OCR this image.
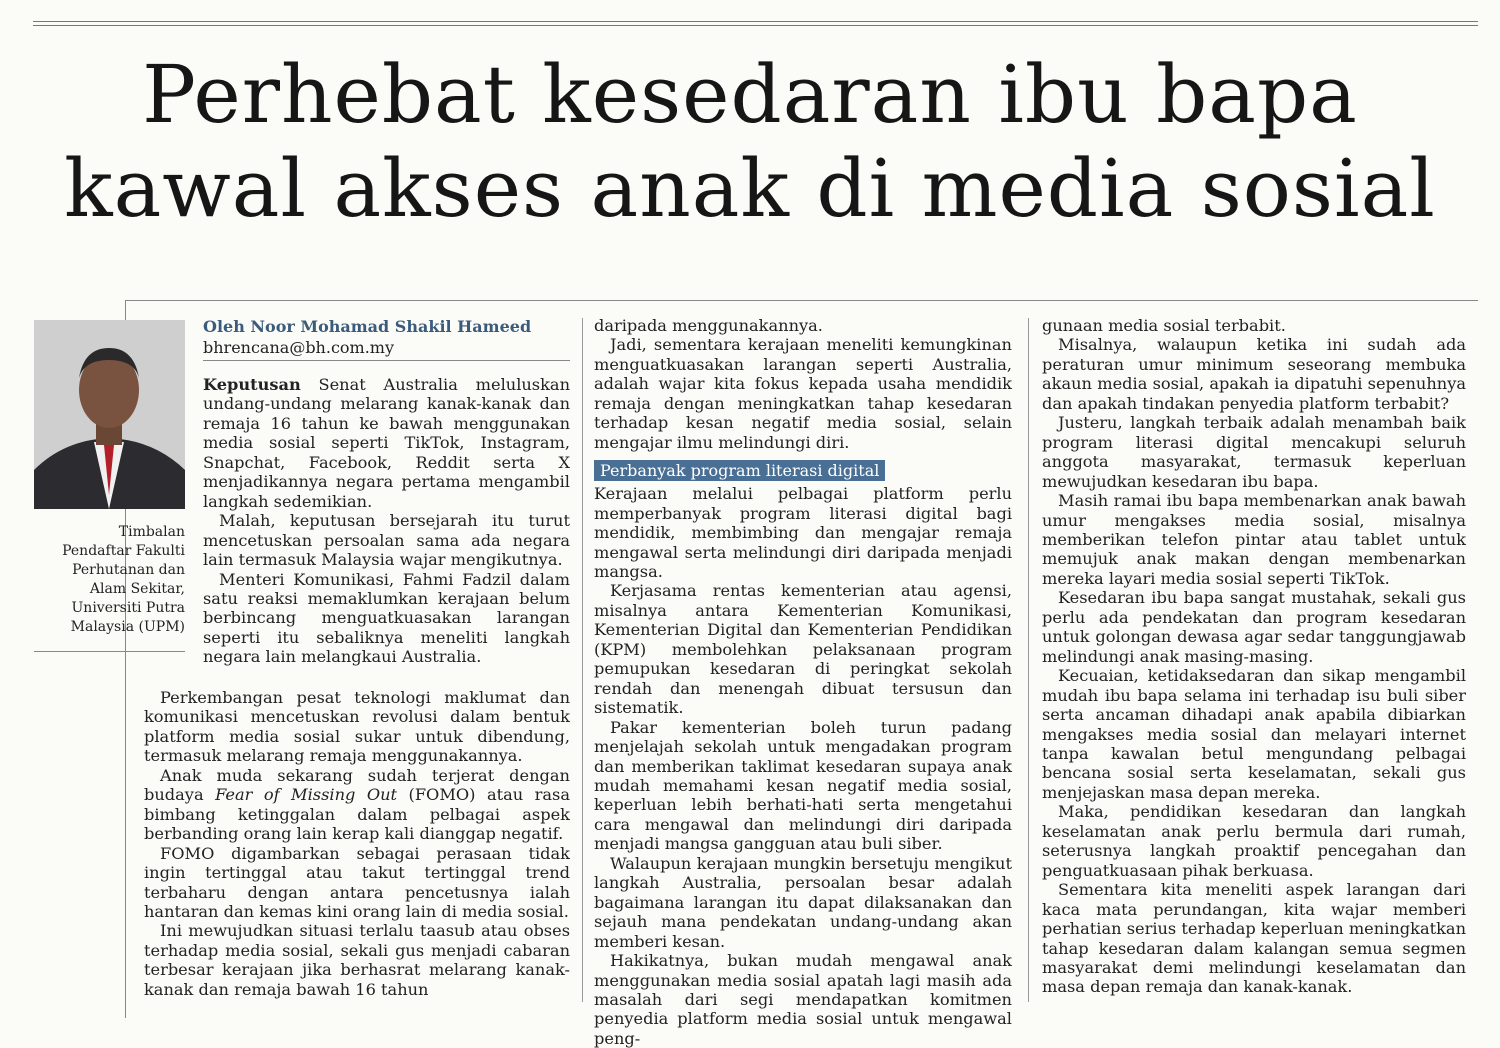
Perhebat kesedaran ibu bapa
kawal akses anak di media sosial
Timbalan
Pendaftar Fakulti
Perhutanan dan
Alam Sekitar,
Universiti Putra
Malaysia (UPM)
Oleh Noor Mohamad Shakil Hameed
bhrencana@bh.com.my

Keputusan Senat Australia meluluskan undang-undang melarang kanak-kanak dan remaja 16 tahun ke bawah menggunakan media sosial seperti TikTok, Instagram, Snapchat, Facebook, Reddit serta X menjadikannya negara pertama mengambil langkah sedemikian.

Malah, keputusan bersejarah itu turut mencetuskan persoalan sama ada negara lain termasuk Malaysia wajar mengikutnya.

Menteri Komunikasi, Fahmi Fadzil dalam satu reaksi memaklumkan kerajaan belum berbincang menguatkuasakan larangan seperti itu sebaliknya meneliti langkah negara lain melangkaui Australia.

Perkembangan pesat teknologi maklumat dan komunikasi mencetuskan revolusi dalam bentuk platform media sosial sukar untuk dibendung, termasuk melarang remaja menggunakannya.

Anak muda sekarang sudah terjerat dengan budaya Fear of Missing Out (FOMO) atau rasa bimbang ketinggalan dalam pelbagai aspek berbanding orang lain kerap kali dianggap negatif.

FOMO digambarkan sebagai perasaan tidak ingin tertinggal atau takut tertinggal trend terbaharu dengan antara pencetusnya ialah hantaran dan kemas kini orang lain di media sosial.

Ini mewujudkan situasi terlalu taasub atau obses terhadap media sosial, sekali gus menjadi cabaran terbesar kerajaan jika berhasrat melarang kanak-kanak dan remaja bawah 16 tahun

daripada menggunakannya.

Jadi, sementara kerajaan meneliti kemungkinan menguatkuasakan larangan seperti Australia, adalah wajar kita fokus kepada usaha mendidik remaja dengan meningkatkan tahap kesedaran terhadap kesan negatif media sosial, selain mengajar ilmu melindungi diri.

Perbanyak program literasi digital

Kerajaan melalui pelbagai platform perlu memperbanyak program literasi digital bagi mendidik, membimbing dan mengajar remaja mengawal serta melindungi diri daripada menjadi mangsa.

Kerjasama rentas kementerian atau agensi, misalnya antara Kementerian Komunikasi, Kementerian Digital dan Kementerian Pendidikan (KPM) membolehkan pelaksanaan program pemupukan kesedaran di peringkat sekolah rendah dan menengah dibuat tersusun dan sistematik.

Pakar kementerian boleh turun padang menjelajah sekolah untuk mengadakan program dan memberikan taklimat kesedaran supaya anak mudah memahami kesan negatif media sosial, keperluan lebih berhati-hati serta mengetahui cara mengawal dan melindungi diri daripada menjadi mangsa gangguan atau buli siber.

Walaupun kerajaan mungkin bersetuju mengikut langkah Australia, persoalan besar adalah bagaimana larangan itu dapat dilaksanakan dan sejauh mana pendekatan undang-undang akan memberi kesan.

Hakikatnya, bukan mudah mengawal anak menggunakan media sosial apatah lagi masih ada masalah dari segi mendapatkan komitmen penyedia platform media sosial untuk mengawal peng-

gunaan media sosial terbabit.

Misalnya, walaupun ketika ini sudah ada peraturan umur minimum seseorang membuka akaun media sosial, apakah ia dipatuhi sepenuhnya dan apakah tindakan penyedia platform terbabit?

Justeru, langkah terbaik adalah menambah baik program literasi digital mencakupi seluruh anggota masyarakat, termasuk keperluan mewujudkan kesedaran ibu bapa.

Masih ramai ibu bapa membenarkan anak bawah umur mengakses media sosial, misalnya memberikan telefon pintar atau tablet untuk memujuk anak makan dengan membenarkan mereka layari media sosial seperti TikTok.

Kesedaran ibu bapa sangat mustahak, sekali gus perlu ada pendekatan dan program kesedaran untuk golongan dewasa agar sedar tanggungjawab melindungi anak masing-masing.

Kecuaian, ketidaksedaran dan sikap mengambil mudah ibu bapa selama ini terhadap isu buli siber serta ancaman dihadapi anak apabila dibiarkan mengakses media sosial dan melayari internet tanpa kawalan betul mengundang pelbagai bencana sosial serta keselamatan, sekali gus menjejaskan masa depan mereka.

Maka, pendidikan kesedaran dan langkah keselamatan anak perlu bermula dari rumah, seterusnya langkah proaktif pencegahan dan penguatkuasaan pihak berkuasa.

Sementara kita meneliti aspek larangan dari kaca mata perundangan, kita wajar memberi perhatian serius terhadap keperluan meningkatkan tahap kesedaran dalam kalangan semua segmen masyarakat demi melindungi keselamatan dan masa depan remaja dan kanak-kanak.
